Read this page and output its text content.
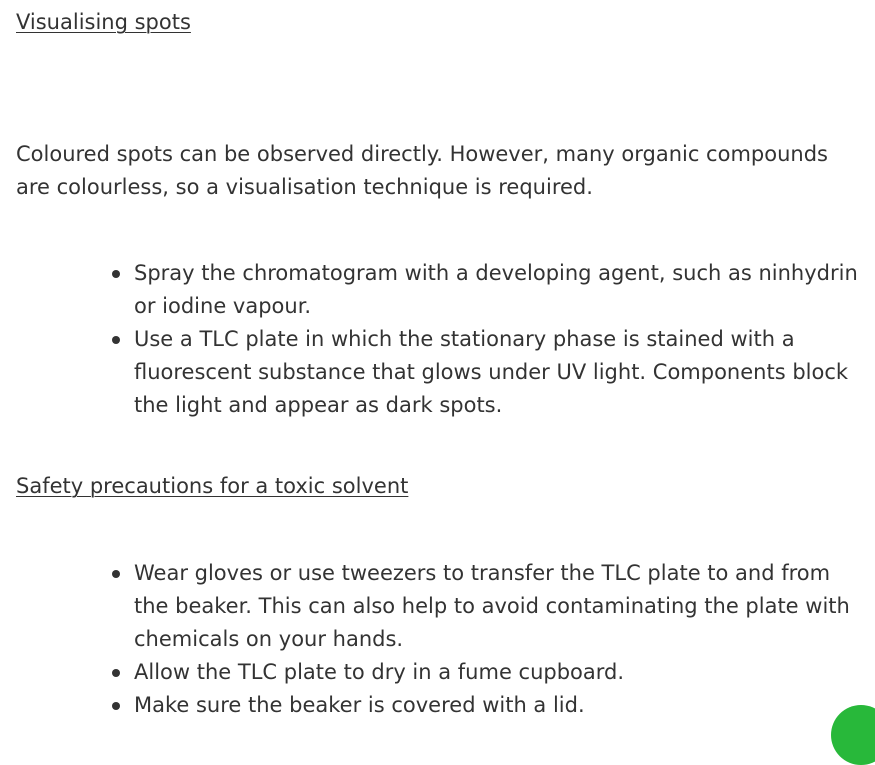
Visualising spots

Coloured spots can be observed directly. However, many organic compounds are colourless, so a visualisation technique is required.

Spray the chromatogram with a developing agent, such as ninhydrin or iodine vapour.
Use a TLC plate in which the stationary phase is stained with a fluorescent substance that glows under UV light. Components block the light and appear as dark spots.
Safety precautions for a toxic solvent
Wear gloves or use tweezers to transfer the TLC plate to and from the beaker. This can also help to avoid contaminating the plate with chemicals on your hands.
Allow the TLC plate to dry in a fume cupboard.
Make sure the beaker is covered with a lid.
